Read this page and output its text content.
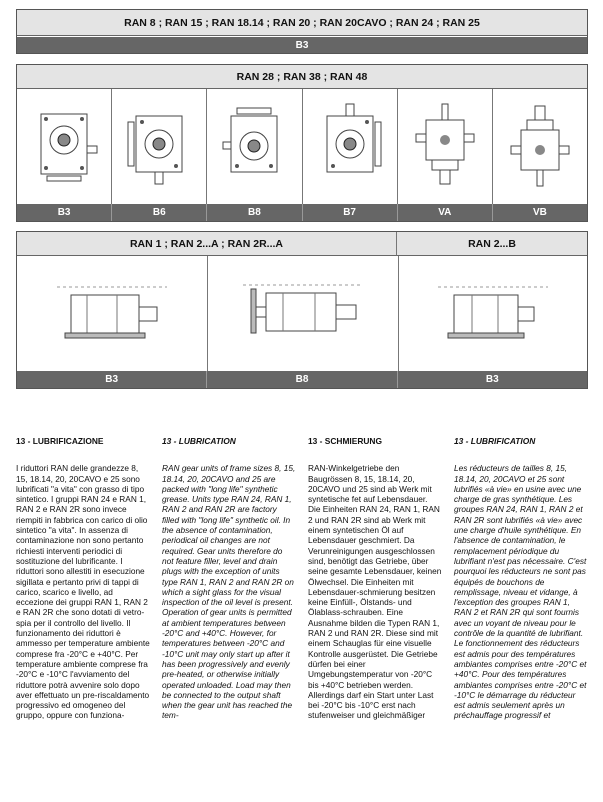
RAN 8 ; RAN 15 ; RAN 18.14 ; RAN 20 ; RAN 20CAVO ; RAN 24 ; RAN 25
B3
RAN 28 ; RAN 38 ; RAN 48
B3	B6	B8	B7	VA	VB
RAN 1 ; RAN 2...A ; RAN 2R...A	RAN 2...B
B3	B8	B3
13 - LUBRIFICAZIONE

I riduttori RAN delle grandezze 8, 15, 18.14, 20, 20CAVO e 25 sono lubrificati "a vita" con grasso di tipo sintetico. I gruppi RAN 24 e RAN 1, RAN 2 e RAN 2R sono invece riempiti in fabbrica con carico di olio sintetico "a vita". In assenza di contaminazione non sono pertanto richiesti interventi periodici di sostituzione del lubrificante. I riduttori sono allestiti in esecuzione sigillata e pertanto privi di tappi di carico, scarico e livello, ad eccezione dei gruppi RAN 1, RAN 2 e RAN 2R che sono dotati di vetro-spia per il controllo del livello. Il funzionamento dei riduttori è ammesso per temperature ambiente comprese fra -20°C e +40°C. Per temperature ambiente comprese fra -20°C e -10°C l'avviamento del riduttore potrà avvenire solo dopo aver effettuato un pre-riscaldamento progressivo ed omogeneo del gruppo, oppure con funziona-

13 - LUBRICATION

RAN gear units of frame sizes 8, 15, 18.14, 20, 20CAVO and 25 are packed with "long life" synthetic grease. Units type RAN 24, RAN 1, RAN 2 and RAN 2R are factory filled with "long life" synthetic oil. In the absence of contamination, periodical oil changes are not required. Gear units therefore do not feature filler, level and drain plugs with the exception of units type RAN 1, RAN 2 and RAN 2R on which a sight glass for the visual inspection of the oil level is present. Operation of gear units is permitted at ambient temperatures between -20°C and +40°C. However, for temperatures between -20°C and -10°C unit may only start up after it has been progressively and evenly pre-heated, or otherwise initially operated unloaded. Load may then be connected to the output shaft when the gear unit has reached the tem-

13 - SCHMIERUNG

RAN-Winkelgetriebe den Baugrössen 8, 15, 18.14, 20, 20CAVO und 25 sind ab Werk mit syntetische fet auf Lebensdauer. Die Einheiten RAN 24, RAN 1, RAN 2 und RAN 2R sind ab Werk mit einem syntetischen Öl auf Lebensdauer geschmiert. Da Verunreinigungen ausgeschlossen sind, benötigt das Getriebe, über seine gesamte Lebensdauer, keinen Ölwechsel. Die Einheiten mit Lebensdauer-schmierung besitzen keine Einfüll-, Ölstands- und Ölablass-schrauben. Eine Ausnahme bilden die Typen RAN 1, RAN 2 und RAN 2R. Diese sind mit einem Schauglas für eine visuelle Kontrolle ausgerüstet. Die Getriebe dürfen bei einer Umgebungstemperatur von -20°C bis +40°C betrieben werden. Allerdings darf ein Start unter Last bei -20°C bis -10°C erst nach stufenweiser und gleichmäßiger

13 - LUBRIFICATION

Les réducteurs de tailles 8, 15, 18.14, 20, 20CAVO et 25 sont lubrifiés «à vie» en usine avec une charge de gras synthétique. Les groupes RAN 24, RAN 1, RAN 2 et RAN 2R sont lubrifiés «à vie» avec une charge d'huile synthétique. En l'absence de contamination, le remplacement périodique du lubrifiant n'est pas nécessaire. C'est pourquoi les réducteurs ne sont pas équipés de bouchons de remplissage, niveau et vidange, à l'exception des groupes RAN 1, RAN 2 et RAN 2R qui sont fournis avec un voyant de niveau pour le contrôle de la quantité de lubrifiant. Le fonctionnement des réducteurs est admis pour des températures ambiantes comprises entre -20°C et +40°C. Pour des températures ambiantes comprises entre -20°C et -10°C le démarrage du réducteur est admis seulement après un préchauffage progressif et
